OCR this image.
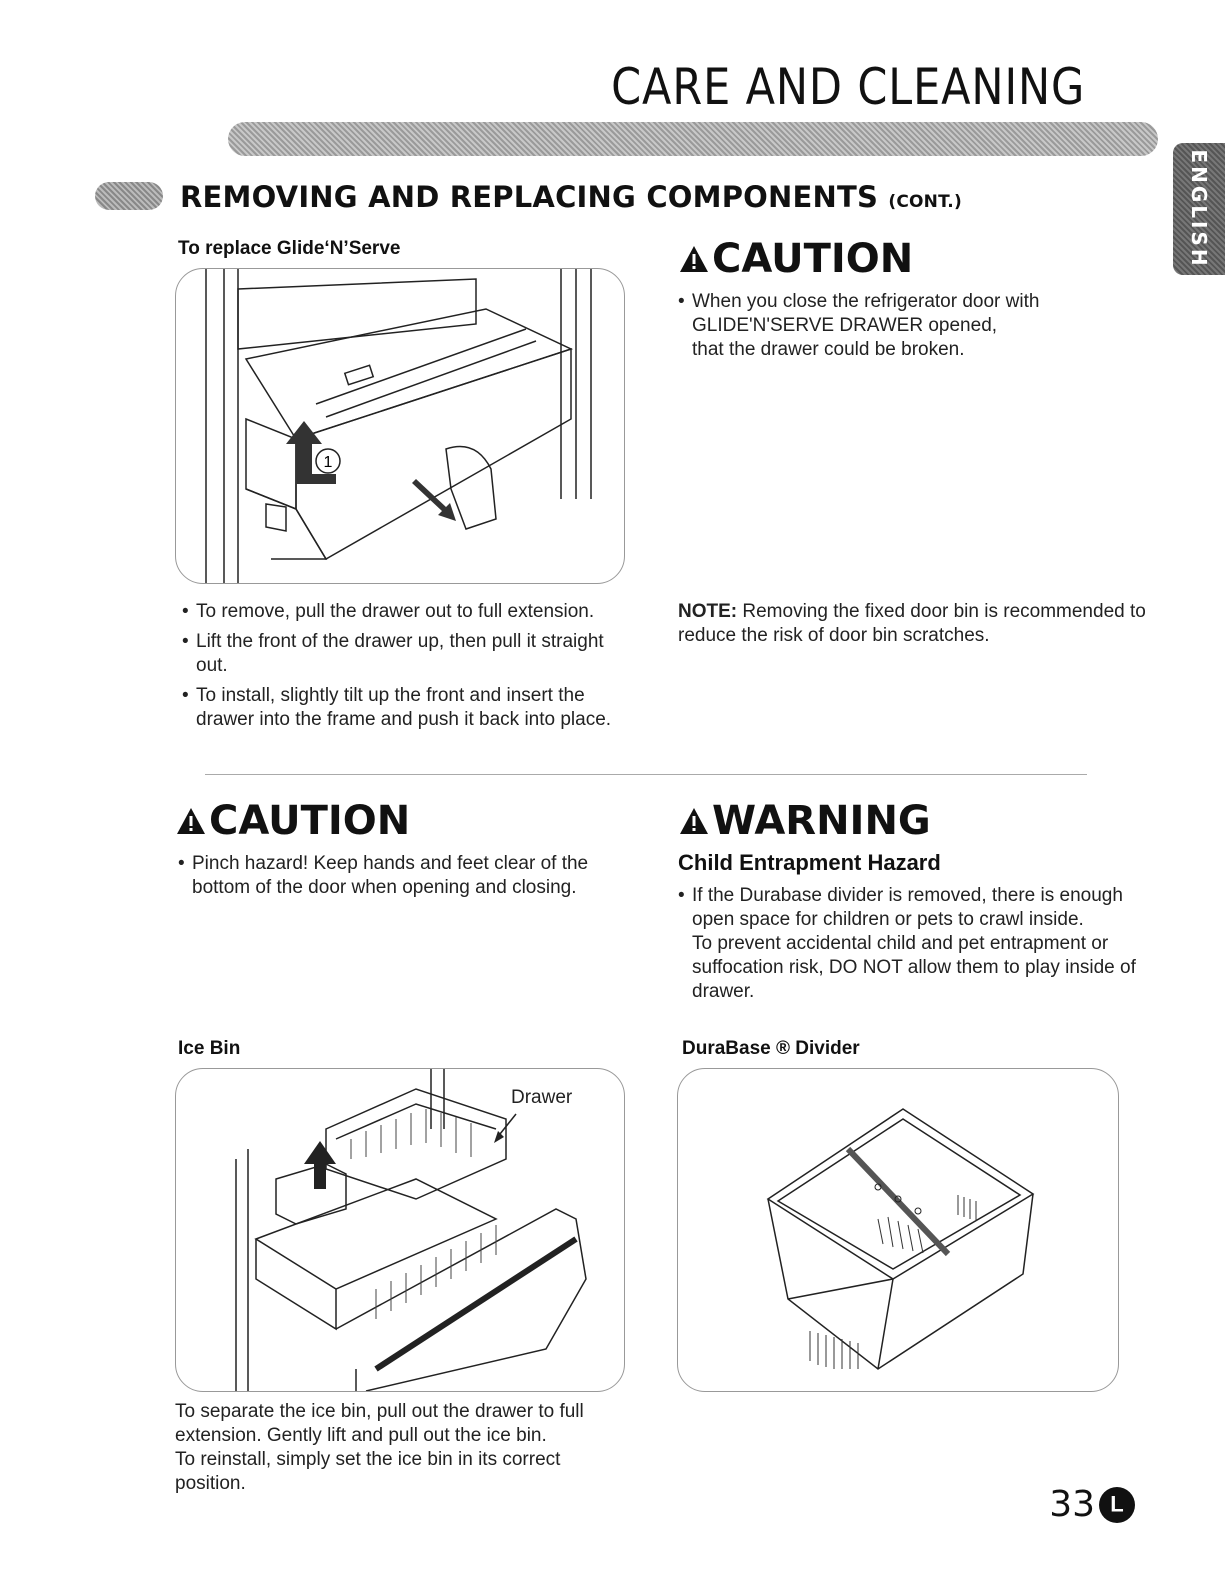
CARE AND CLEANING
ENGLISH
REMOVING AND REPLACING COMPONENTS (CONT.)
To replace Glide‘N’Serve
1
• To remove, pull the drawer out to full extension.
• Lift the front of the drawer up, then pull it straight out.
• To install, slightly tilt up the front and insert the drawer into the frame and push it back into place.
CAUTION
• When you close the refrigerator door with
GLIDE'N'SERVE DRAWER opened,
that the drawer could be broken.
NOTE: Removing the fixed door bin is recommended to reduce the risk of door bin scratches.
CAUTION
• Pinch hazard! Keep hands and feet clear of the bottom of the door when opening and closing.
WARNING
Child Entrapment Hazard
• If the Durabase divider is removed, there is enough open space for children or pets to crawl inside.
To prevent accidental child and pet entrapment or suffocation risk, DO NOT allow them to play inside of drawer.
Ice Bin
Drawer
To separate the ice bin, pull out the drawer to full extension. Gently lift and pull out the ice bin.
To reinstall, simply set the ice bin in its correct position.
DuraBase ® Divider
33
L
